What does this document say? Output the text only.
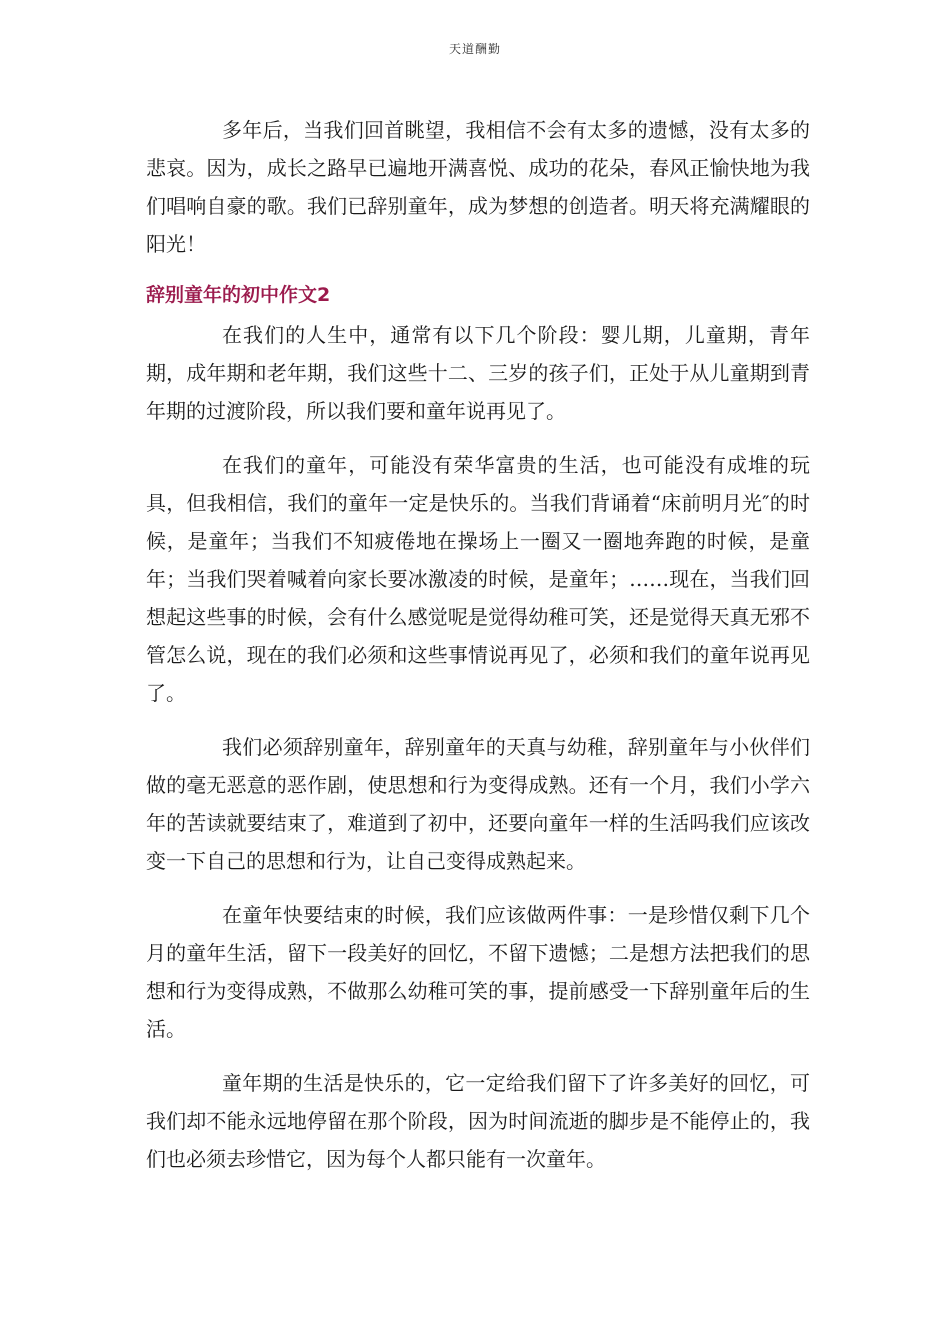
天道酬勤

多年后，当我们回首眺望，我相信不会有太多的遗憾，没有太多的悲哀。因为，成长之路早已遍地开满喜悦、成功的花朵，春风正愉快地为我们唱响自豪的歌。我们已辞别童年，成为梦想的创造者。明天将充满耀眼的阳光！

辞别童年的初中作文2

在我们的人生中，通常有以下几个阶段：婴儿期，儿童期，青年期，成年期和老年期，我们这些十二、三岁的孩子们，正处于从儿童期到青年期的过渡阶段，所以我们要和童年说再见了。

在我们的童年，可能没有荣华富贵的生活，也可能没有成堆的玩具，但我相信，我们的童年一定是快乐的。当我们背诵着“床前明月光″的时候，是童年；当我们不知疲倦地在操场上一圈又一圈地奔跑的时候，是童年；当我们哭着喊着向家长要冰激凌的时候，是童年；……现在，当我们回想起这些事的时候，会有什么感觉呢是觉得幼稚可笑，还是觉得天真无邪不管怎么说，现在的我们必须和这些事情说再见了，必须和我们的童年说再见了。

我们必须辞别童年，辞别童年的天真与幼稚，辞别童年与小伙伴们做的毫无恶意的恶作剧，使思想和行为变得成熟。还有一个月，我们小学六年的苦读就要结束了，难道到了初中，还要向童年一样的生活吗我们应该改变一下自己的思想和行为，让自己变得成熟起来。

在童年快要结束的时候，我们应该做两件事：一是珍惜仅剩下几个月的童年生活，留下一段美好的回忆，不留下遗憾；二是想方法把我们的思想和行为变得成熟，不做那么幼稚可笑的事，提前感受一下辞别童年后的生活。

童年期的生活是快乐的，它一定给我们留下了许多美好的回忆，可我们却不能永远地停留在那个阶段，因为时间流逝的脚步是不能停止的，我们也必须去珍惜它，因为每个人都只能有一次童年。
